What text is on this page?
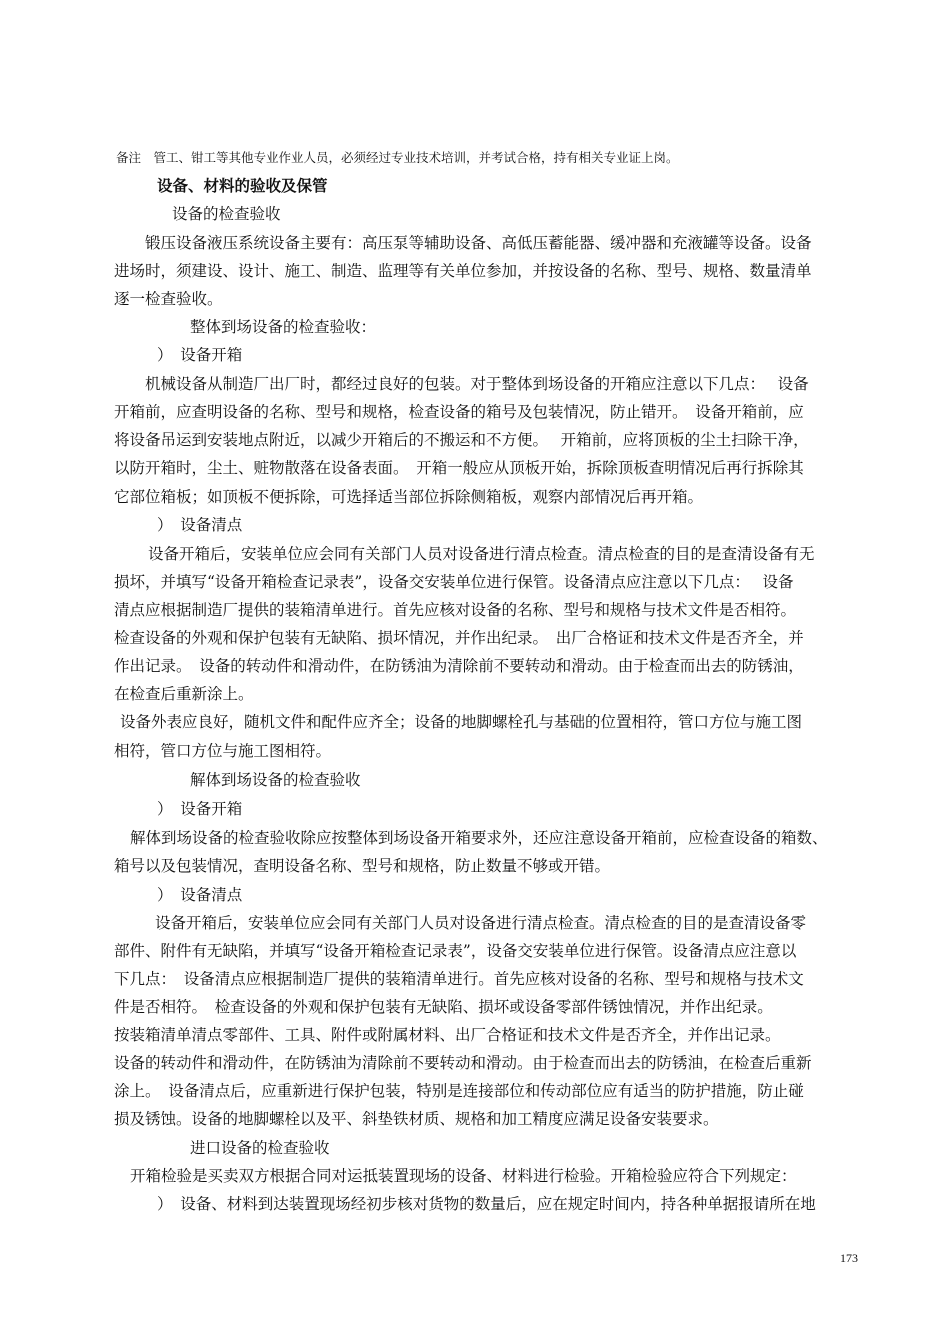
备注　管工、钳工等其他专业作业人员，必须经过专业技术培训，并考试合格，持有相关专业证上岗。
设备、材料的验收及保管
设备的检查验收
锻压设备液压系统设备主要有：高压泵等辅助设备、高低压蓄能器、缓冲器和充液罐等设备。设备
进场时，须建设、设计、施工、制造、监理等有关单位参加，并按设备的名称、型号、规格、数量清单
逐一检查验收。
整体到场设备的检查验收：
）　设备开箱
机械设备从制造厂出厂时，都经过良好的包装。对于整体到场设备的开箱应注意以下几点：　 设备
开箱前，应查明设备的名称、型号和规格，检查设备的箱号及包装情况，防止错开。　设备开箱前，应
将设备吊运到安装地点附近，以减少开箱后的不搬运和不方便。　 开箱前，应将顶板的尘土扫除干净，
以防开箱时，尘土、赃物散落在设备表面。　开箱一般应从顶板开始，拆除顶板查明情况后再行拆除其
它部位箱板；如顶板不便拆除，可选择适当部位拆除侧箱板，观察内部情况后再开箱。
）　设备清点
设备开箱后，安装单位应会同有关部门人员对设备进行清点检查。清点检查的目的是查清设备有无
损坏，并填写“设备开箱检查记录表”，设备交安装单位进行保管。设备清点应注意以下几点：　 设备
清点应根据制造厂提供的装箱清单进行。首先应核对设备的名称、型号和规格与技术文件是否相符。
检查设备的外观和保护包装有无缺陷、损坏情况，并作出纪录。　出厂合格证和技术文件是否齐全，并
作出记录。　设备的转动件和滑动件，在防锈油为清除前不要转动和滑动。由于检查而出去的防锈油，
在检查后重新涂上。
设备外表应良好，随机文件和配件应齐全；设备的地脚螺栓孔与基础的位置相符，管口方位与施工图
相符，管口方位与施工图相符。
解体到场设备的检查验收
）　设备开箱
解体到场设备的检查验收除应按整体到场设备开箱要求外，还应注意设备开箱前，应检查设备的箱数、
箱号以及包装情况，查明设备名称、型号和规格，防止数量不够或开错。
）　设备清点
设备开箱后，安装单位应会同有关部门人员对设备进行清点检查。清点检查的目的是查清设备零
部件、附件有无缺陷，并填写“设备开箱检查记录表”，设备交安装单位进行保管。设备清点应注意以
下几点：　设备清点应根据制造厂提供的装箱清单进行。首先应核对设备的名称、型号和规格与技术文
件是否相符。　检查设备的外观和保护包装有无缺陷、损坏或设备零部件锈蚀情况，并作出纪录。
按装箱清单清点零部件、工具、附件或附属材料、出厂合格证和技术文件是否齐全，并作出记录。
设备的转动件和滑动件，在防锈油为清除前不要转动和滑动。由于检查而出去的防锈油，在检查后重新
涂上。　设备清点后，应重新进行保护包装，特别是连接部位和传动部位应有适当的防护措施，防止碰
损及锈蚀。设备的地脚螺栓以及平、斜垫铁材质、规格和加工精度应满足设备安装要求。
进口设备的检查验收
开箱检验是买卖双方根据合同对运抵装置现场的设备、材料进行检验。开箱检验应符合下列规定：
）　设备、材料到达装置现场经初步核对货物的数量后，应在规定时间内，持各种单据报请所在地
173
